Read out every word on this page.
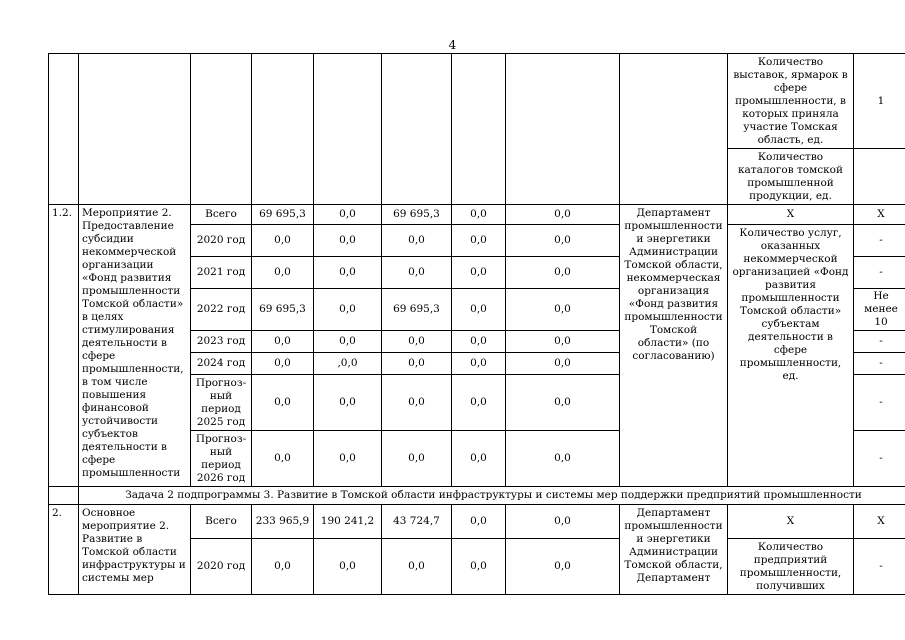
4
									Количество выставок, ярмарок в сфере промышленности, в которых приняла участие Томская область, ед.	1
									Количество каталогов томской промышленной продукции, ед.	
1.2.	Мероприятие 2. Предоставление субсидии некоммерческой организации «Фонд развития промышленности Томской области» в целях стимулирования деятельности в сфере промышленности, в том числе повышения финансовой устойчивости субъектов деятельности в сфере промышленности	Всего	69 695,3	0,0	69 695,3	0,0	0,0	Департамент промышленности и энергетики Администрации Томской области, некоммерческая организация «Фонд развития промышленности Томской области» (по согласованию)	Х	Х
		2020 год	0,0	0,0	0,0	0,0	0,0		Количество услуг, оказанных некоммерческой организацией «Фонд развития промышленности Томской области» субъектам деятельности в сфере промышленности, ед.	-
		2021 год	0,0	0,0	0,0	0,0	0,0			-
		2022 год	69 695,3	0,0	69 695,3	0,0	0,0			Не менее 10
		2023 год	0,0	0,0	0,0	0,0	0,0			-
		2024 год	0,0	,0,0	0,0	0,0	0,0			-
		Прогноз-ный период 2025 год	0,0	0,0	0,0	0,0	0,0			-
		Прогноз-ный период 2026 год	0,0	0,0	0,0	0,0	0,0			-
	Задача 2 подпрограммы 3. Развитие в Томской области инфраструктуры и системы мер поддержки предприятий промышленности									
2.	Основное мероприятие 2. Развитие в Томской области инфраструктуры и системы мер	Всего	233 965,9	190 241,2	43 724,7	0,0	0,0	Департамент промышленности и энергетики Администрации Томской области, Департамент	Х	Х
		2020 год	0,0	0,0	0,0	0,0	0,0		Количество предприятий промышленности, получивших	-
